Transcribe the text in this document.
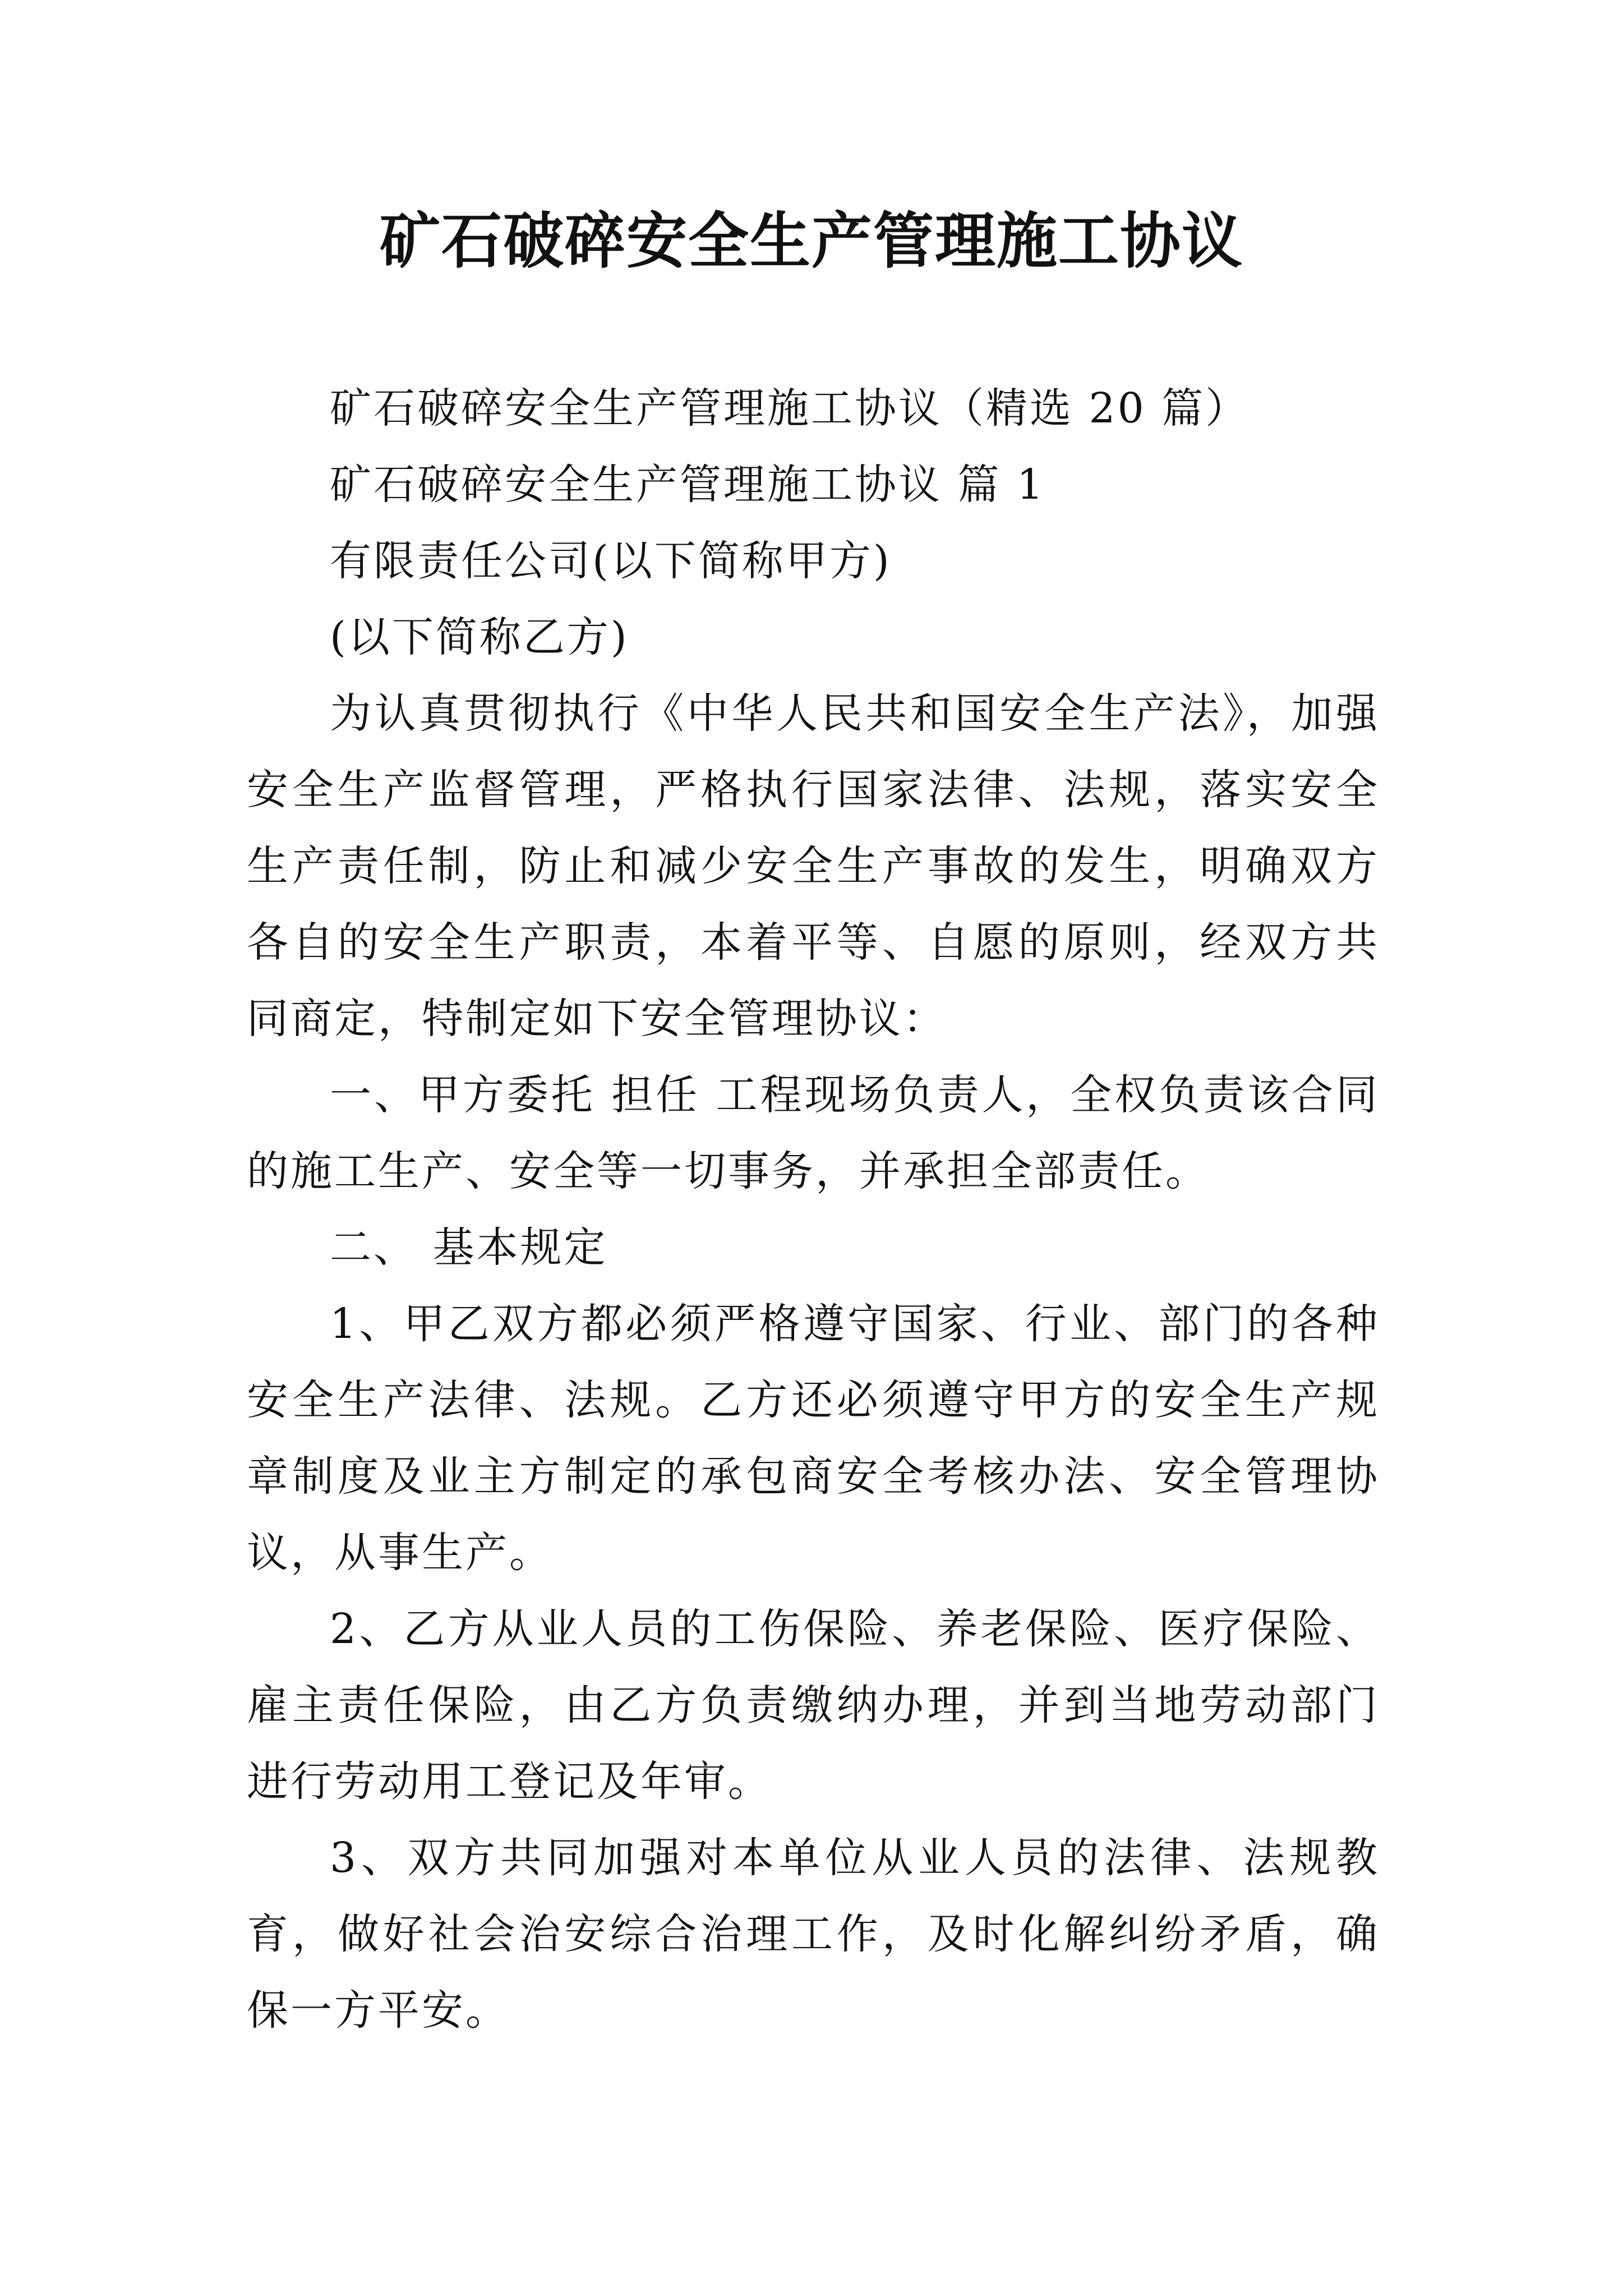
矿石破碎安全生产管理施工协议

矿石破碎安全生产管理施工协议（精选 20 篇）

矿石破碎安全生产管理施工协议 篇 1

有限责任公司(以下简称甲方)

(以下简称乙方)

为认真贯彻执行《中华人民共和国安全生产法》，加强安全生产监督管理，严格执行国家法律、法规，落实安全生产责任制，防止和减少安全生产事故的发生，明确双方各自的安全生产职责，本着平等、自愿的原则，经双方共同商定，特制定如下安全管理协议：

一、甲方委托 担任 工程现场负责人，全权负责该合同的施工生产、安全等一切事务，并承担全部责任。

二、 基本规定

1、甲乙双方都必须严格遵守国家、行业、部门的各种安全生产法律、法规。乙方还必须遵守甲方的安全生产规章制度及业主方制定的承包商安全考核办法、安全管理协议，从事生产。

2、乙方从业人员的工伤保险、养老保险、医疗保险、雇主责任保险，由乙方负责缴纳办理，并到当地劳动部门进行劳动用工登记及年审。

3、双方共同加强对本单位从业人员的法律、法规教育，做好社会治安综合治理工作，及时化解纠纷矛盾，确保一方平安。
